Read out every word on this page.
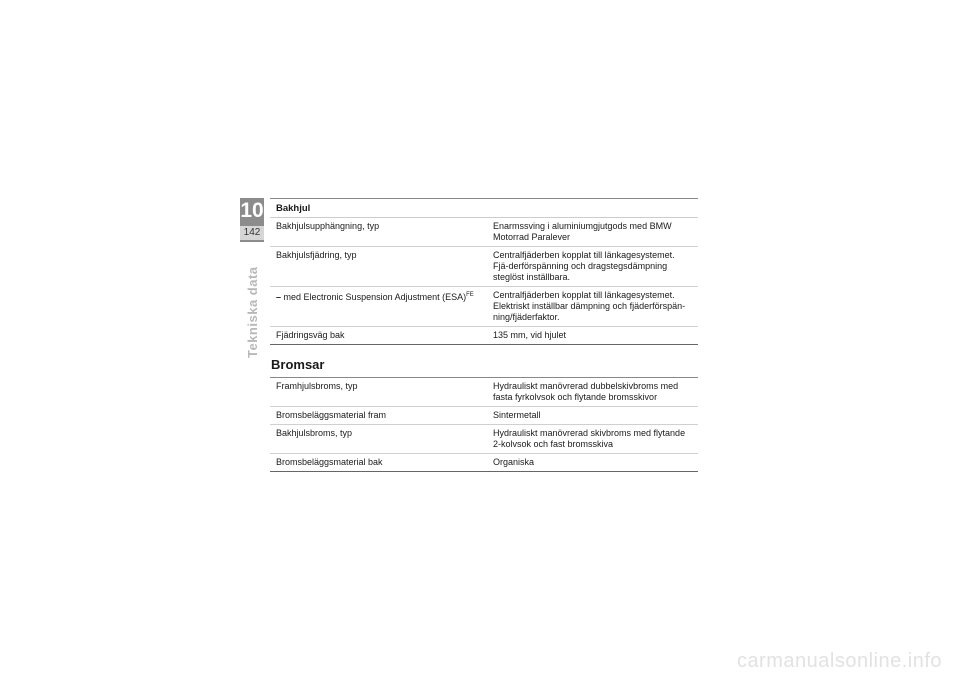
10
142
Tekniska data
Bakhjul
Bakhjulsupphängning, typ	Enarmssving i aluminiumgjutgods med BMW Motorrad Paralever
Bakhjulsfjädring, typ	Centralfjäderben kopplat till länkagesystemet. Fjä-derförspänning och dragstegsdämpning steglöst inställbara.
– med Electronic Suspension Adjustment (ESA)$^{FE}$	Centralfjäderben kopplat till länkagesystemet. Elektriskt inställbar dämpning och fjäderförspän-ning/fjäderfaktor.
Fjädringsväg bak	135 mm, vid hjulet
Bromsar
Framhjulsbroms, typ	Hydrauliskt manövrerad dubbelskivbroms med fasta fyrkolvsok och flytande bromsskivor
Bromsbeläggsmaterial fram	Sintermetall
Bakhjulsbroms, typ	Hydrauliskt manövrerad skivbroms med flytande 2-kolvsok och fast bromsskiva
Bromsbeläggsmaterial bak	Organiska
carmanualsonline.info
